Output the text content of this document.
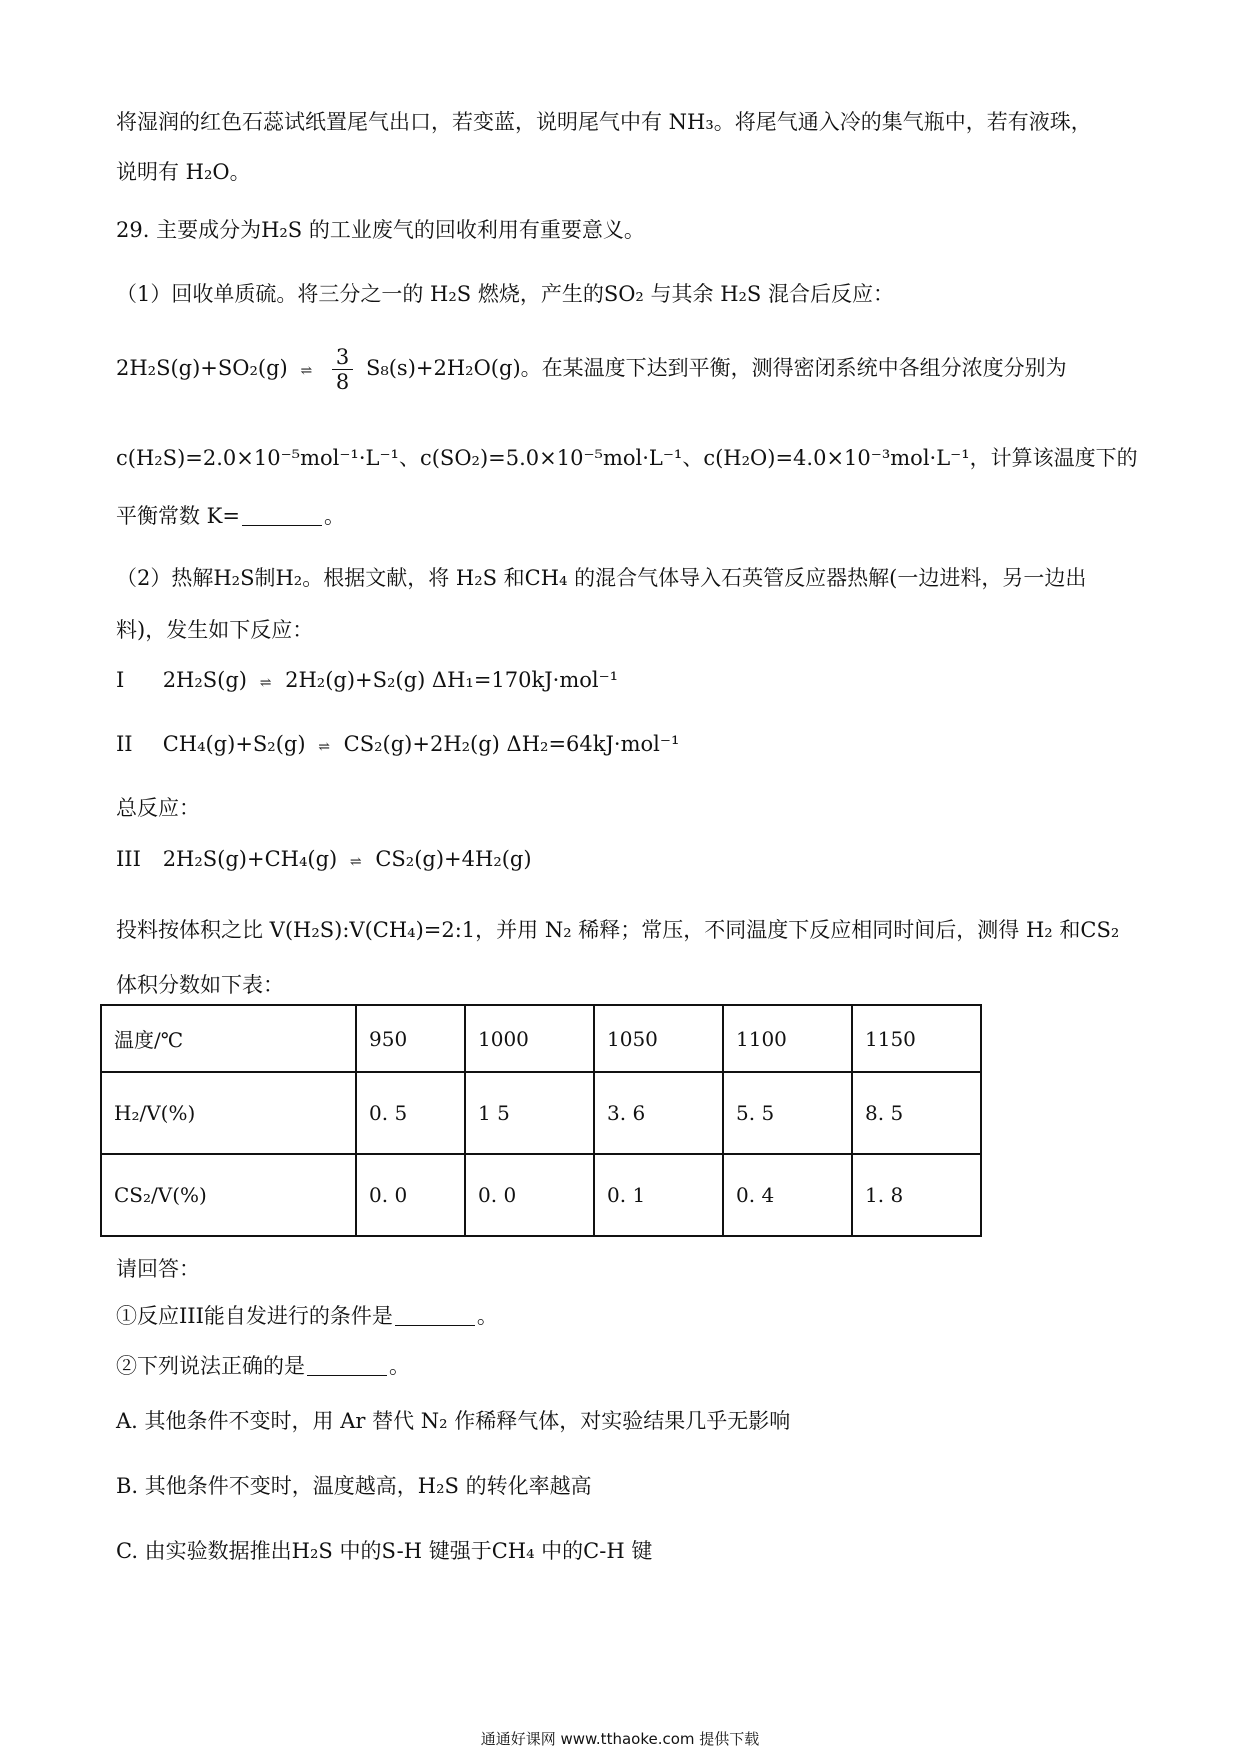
将湿润的红色石蕊试纸置尾气出口，若变蓝，说明尾气中有 NH₃。将尾气通入冷的集气瓶中，若有液珠，
说明有 H₂O。
29. 主要成分为H₂S 的工业废气的回收利用有重要意义。
（1）回收单质硫。将三分之一的 H₂S 燃烧，产生的SO₂ 与其余 H₂S 混合后反应：
2H₂S(g)+SO₂(g) ⇌ $\frac{3}{8} S_8(s)+2H_2O(g)$。在某温度下达到平衡，测得密闭系统中各组分浓度分别为
c(H₂S)=2.0×10⁻⁵mol⁻¹·L⁻¹、c(SO₂)=5.0×10⁻⁵mol·L⁻¹、c(H₂O)=4.0×10⁻³mol·L⁻¹，计算该温度下的
平衡常数 K=	。
（2）热解H₂S制H₂。根据文献，将 H₂S 和CH₄ 的混合气体导入石英管反应器热解(一边进料，另一边出
料)，发生如下反应：
I 2H₂S(g) ⇌ 2H₂(g)+S₂(g) ΔH₁=170kJ·mol⁻¹
II CH₄(g)+S₂(g) ⇌ CS₂(g)+2H₂(g) ΔH₂=64kJ·mol⁻¹
总反应：
III 2H₂S(g)+CH₄(g) ⇌ CS₂(g)+4H₂(g)
投料按体积之比 V(H₂S):V(CH₄)=2:1，并用 N₂ 稀释；常压，不同温度下反应相同时间后，测得 H₂ 和CS₂
体积分数如下表：
温度/℃	950	1000	1050	1100	1150
H₂/V(%)	0. 5	1 5	3. 6	5. 5	8. 5
CS₂/V(%)	0. 0	0. 0	0. 1	0. 4	1. 8
请回答：
①反应III能自发进行的条件是	。
②下列说法正确的是	。
A. 其他条件不变时，用 Ar 替代 N₂ 作稀释气体，对实验结果几乎无影响
B. 其他条件不变时，温度越高，H₂S 的转化率越高
C. 由实验数据推出H₂S 中的S-H 键强于CH₄ 中的C-H 键
通通好课网 www.tthaoke.com 提供下载
